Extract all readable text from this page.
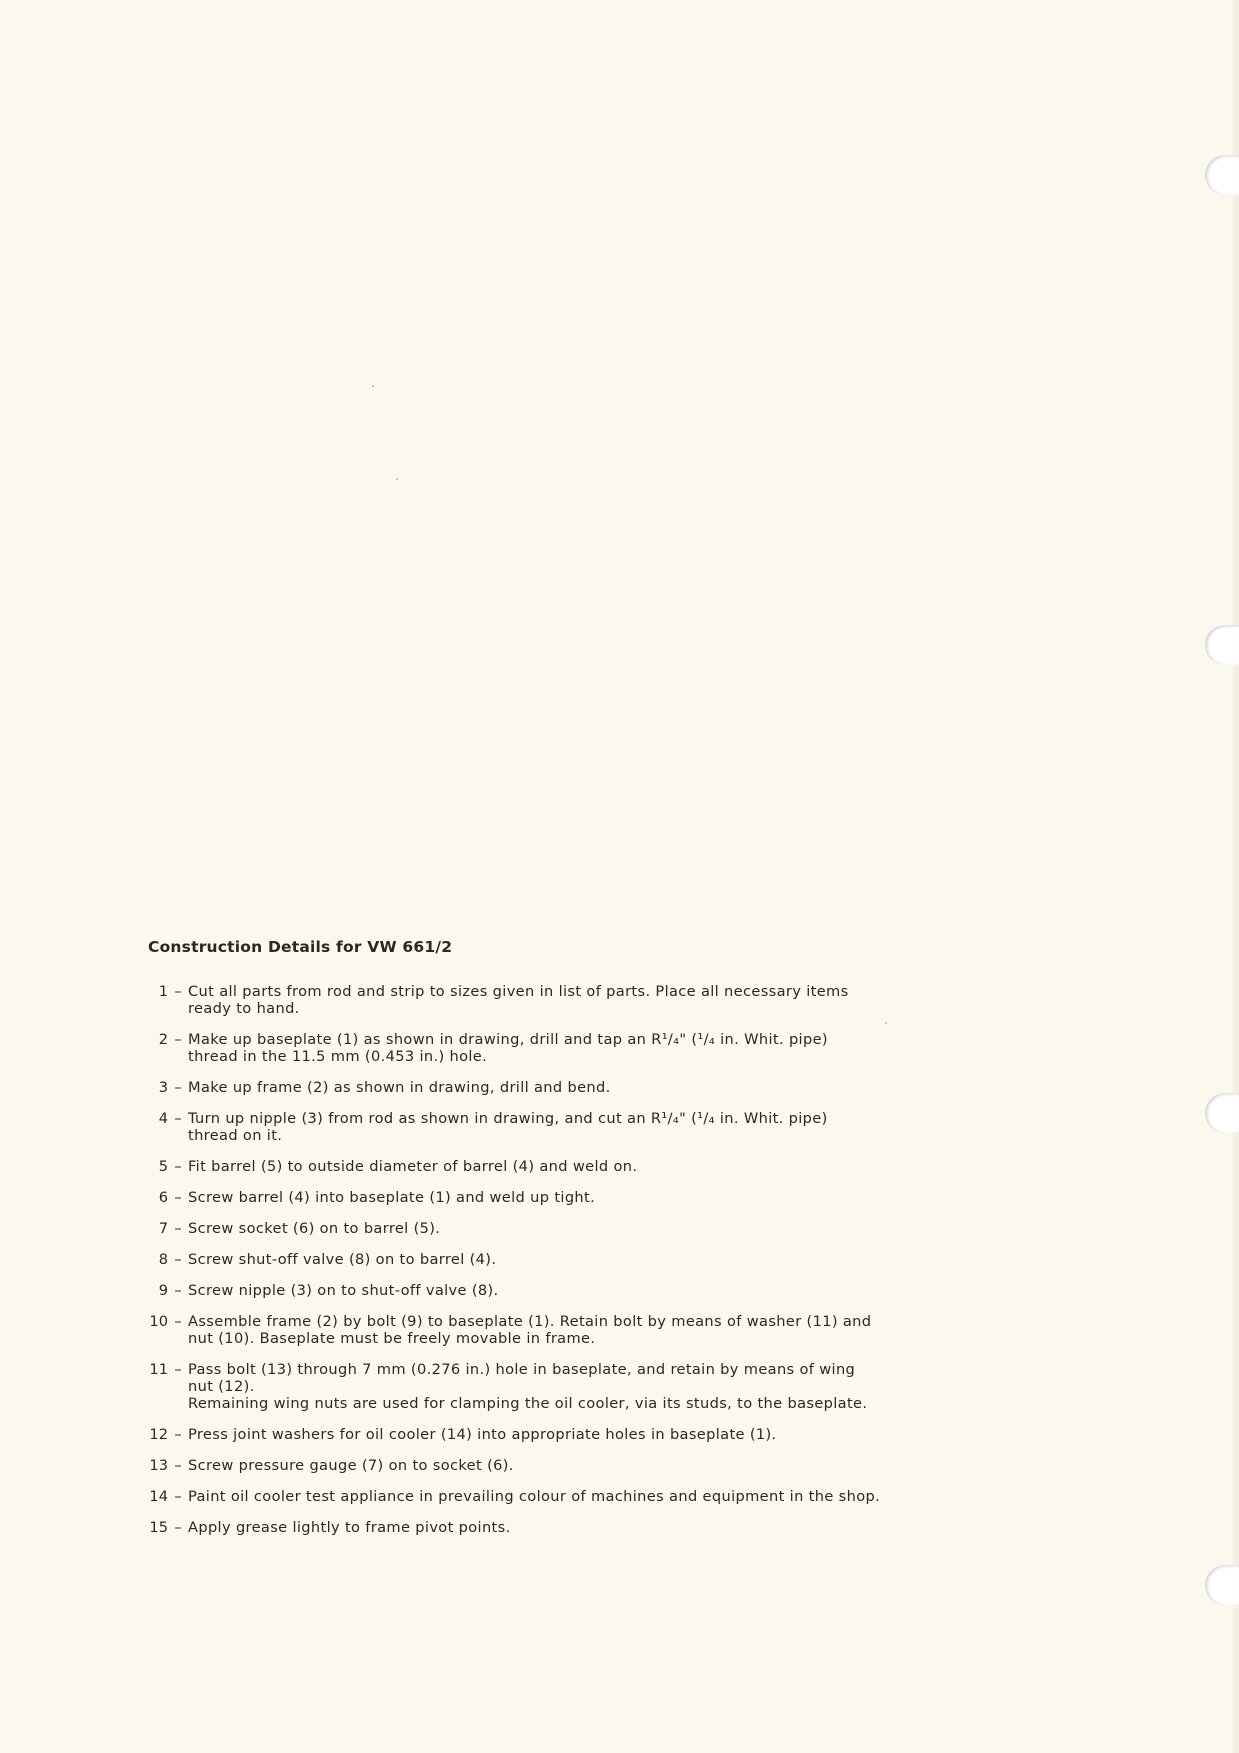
Construction Details for VW 661/2
1 – Cut all parts from rod and strip to sizes given in list of parts. Place all necessary items
ready to hand.
2 – Make up baseplate (1) as shown in drawing, drill and tap an R¹/₄" (¹/₄ in. Whit. pipe)
thread in the 11.5 mm (0.453 in.) hole.
3 – Make up frame (2) as shown in drawing, drill and bend.
4 – Turn up nipple (3) from rod as shown in drawing, and cut an R¹/₄" (¹/₄ in. Whit. pipe)
thread on it.
5 – Fit barrel (5) to outside diameter of barrel (4) and weld on.
6 – Screw barrel (4) into baseplate (1) and weld up tight.
7 – Screw socket (6) on to barrel (5).
8 – Screw shut-off valve (8) on to barrel (4).
9 – Screw nipple (3) on to shut-off valve (8).
10 – Assemble frame (2) by bolt (9) to baseplate (1). Retain bolt by means of washer (11) and
nut (10). Baseplate must be freely movable in frame.
11 – Pass bolt (13) through 7 mm (0.276 in.) hole in baseplate, and retain by means of wing
nut (12).
Remaining wing nuts are used for clamping the oil cooler, via its studs, to the baseplate.
12 – Press joint washers for oil cooler (14) into appropriate holes in baseplate (1).
13 – Screw pressure gauge (7) on to socket (6).
14 – Paint oil cooler test appliance in prevailing colour of machines and equipment in the shop.
15 – Apply grease lightly to frame pivot points.
